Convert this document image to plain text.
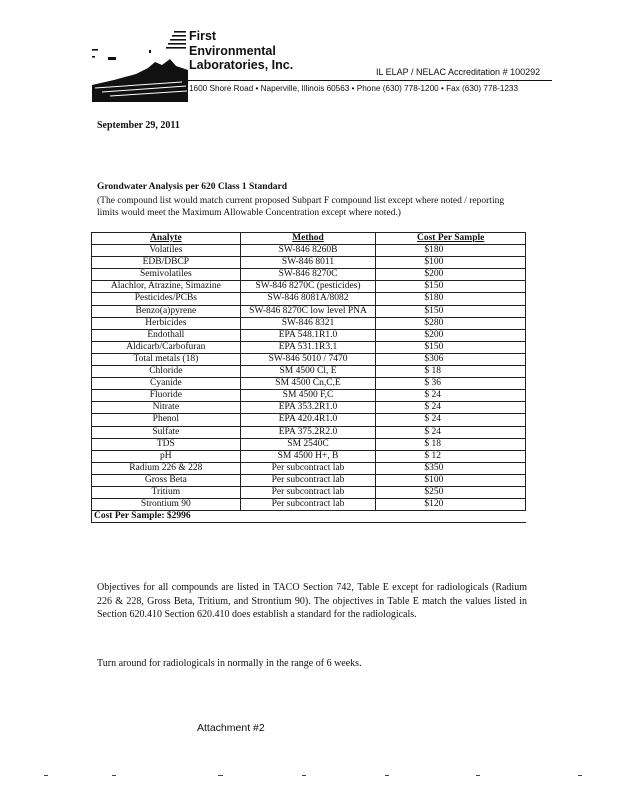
First
Environmental
Laboratories, Inc.	IL ELAP / NELAC Accreditation # 100292
1600 Shore Road • Naperville, Illinois 60563 • Phone (630) 778-1200 • Fax (630) 778-1233
September 29, 2011
Grondwater Analysis per 620 Class 1 Standard
(The compound list would match current proposed Subpart F compound list except where noted / reporting limits would meet the Maximum Allowable Concentration except where noted.)
Analyte	Method	Cost Per Sample
Volatiles	SW-846 8260B	$180
EDB/DBCP	SW-846 8011	$100
Semivolatiles	SW-846 8270C	$200
Alachlor, Atrazine, Simazine	SW-846 8270C (pesticides)	$150
Pesticides/PCBs	SW-846 8081A/8082	$180
Benzo(a)pyrene	SW-846 8270C low level PNA	$150
Herbicides	SW-846 8321	$280
Endothall	EPA 548.1R1.0	$200
Aldicarb/Carbofuran	EPA 531.1R3.1	$150
Total metals (18)	SW-846 5010 / 7470	$306
Chloride	SM 4500 Cl, E	$ 18
Cyanide	SM 4500 Cn,C,E	$ 36
Fluoride	SM 4500 F,C	$ 24
Nitrate	EPA 353.2R1.0	$ 24
Phenol	EPA 420.4R1.0	$ 24
Sulfate	EPA 375.2R2.0	$ 24
TDS	SM 2540C	$ 18
pH	SM 4500 H+, B	$ 12
Radium 226 & 228	Per subcontract lab	$350
Gross Beta	Per subcontract lab	$100
Tritium	Per subcontract lab	$250
Strontium 90	Per subcontract lab	$120
Cost Per Sample: $2996		
Objectives for all compounds are listed in TACO Section 742, Table E except for radiologicals (Radium 226 & 228, Gross Beta, Tritium, and Strontium 90). The objectives in Table E match the values listed in Section 620.410 Section 620.410 does establish a standard for the radiologicals.
Turn around for radiologicals in normally in the range of 6 weeks.
Attachment #2
